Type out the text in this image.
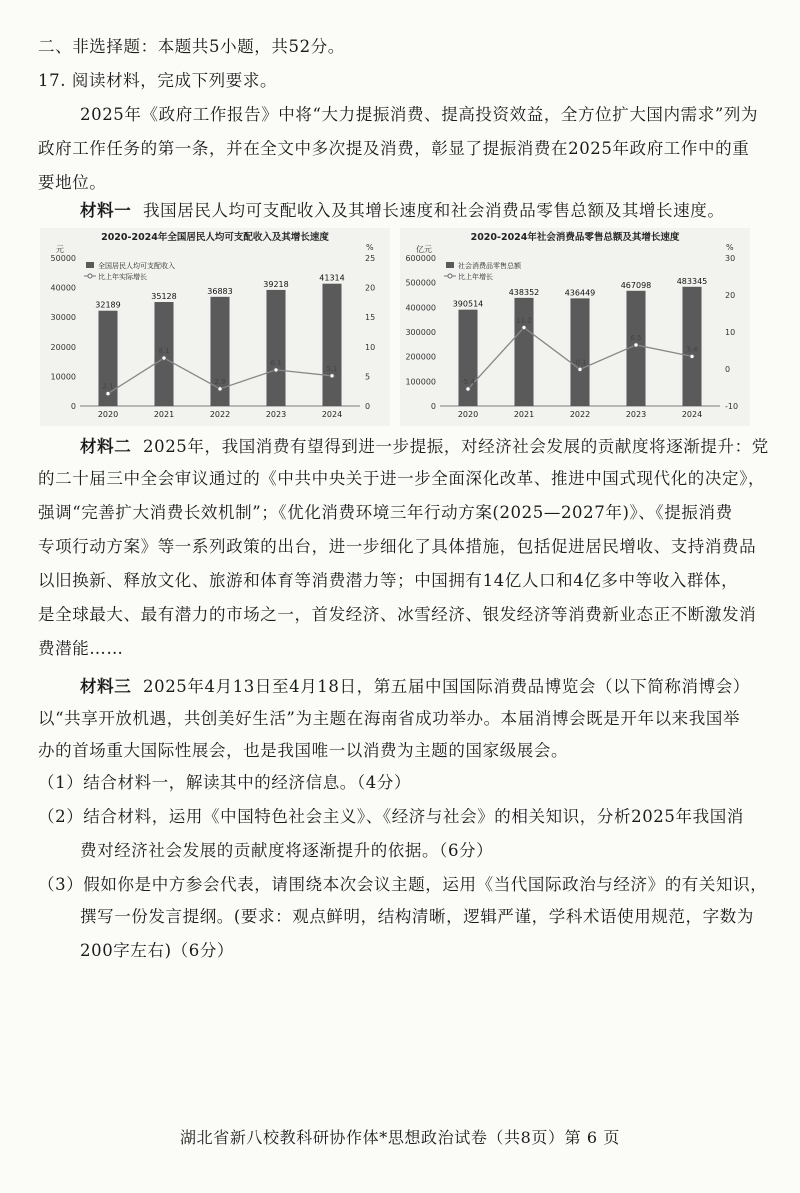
二、非选择题：本题共5小题，共52分。
17. 阅读材料，完成下列要求。
2025年《政府工作报告》中将“大力提振消费、提高投资效益，全方位扩大国内需求”列为
政府工作任务的第一条，并在全文中多次提及消费，彰显了提振消费在2025年政府工作中的重
要地位。
材料一 我国居民人均可支配收入及其增长速度和社会消费品零售总额及其增长速度。
2020-2024年全国居民人均可支配收入及其增长速度
元	%
0
10000
20000
30000
40000
50000
0
5
10
15
20
25
32189
2020
35128
2021
36883
2022
39218
2023
41314
2024
2.1
8.1
2.9
6.1
5.1
全国居民人均可支配收入
比上年实际增长
2020-2024年社会消费品零售总额及其增长速度
亿元	%
0
100000
200000
300000
400000
500000
600000
-10
0
10
20
30
390514
2020
438352
2021
436449
2022
467098
2023
483345
2024
-5.4
11.2
-0.1
6.5
3.4
社会消费品零售总额
比上年增长
材料二 2025年，我国消费有望得到进一步提振，对经济社会发展的贡献度将逐渐提升：党
的二十届三中全会审议通过的《中共中央关于进一步全面深化改革、推进中国式现代化的决定》，
强调“完善扩大消费长效机制”；《优化消费环境三年行动方案(2025—2027年)》、《提振消费
专项行动方案》等一系列政策的出台，进一步细化了具体措施，包括促进居民增收、支持消费品
以旧换新、释放文化、旅游和体育等消费潜力等；中国拥有14亿人口和4亿多中等收入群体，
是全球最大、最有潜力的市场之一，首发经济、冰雪经济、银发经济等消费新业态正不断激发消
费潜能……
材料三 2025年4月13日至4月18日，第五届中国国际消费品博览会（以下简称消博会）
以“共享开放机遇，共创美好生活”为主题在海南省成功举办。本届消博会既是开年以来我国举
办的首场重大国际性展会，也是我国唯一以消费为主题的国家级展会。
（1）结合材料一，解读其中的经济信息。（4分）
（2）结合材料，运用《中国特色社会主义》、《经济与社会》的相关知识，分析2025年我国消
费对经济社会发展的贡献度将逐渐提升的依据。（6分）
（3）假如你是中方参会代表，请围绕本次会议主题，运用《当代国际政治与经济》的有关知识，
撰写一份发言提纲。(要求：观点鲜明，结构清晰，逻辑严谨，学科术语使用规范，字数为
200字左右)（6分）
湖北省新八校教科研协作体*思想政治试卷（共8页）第 6 页
